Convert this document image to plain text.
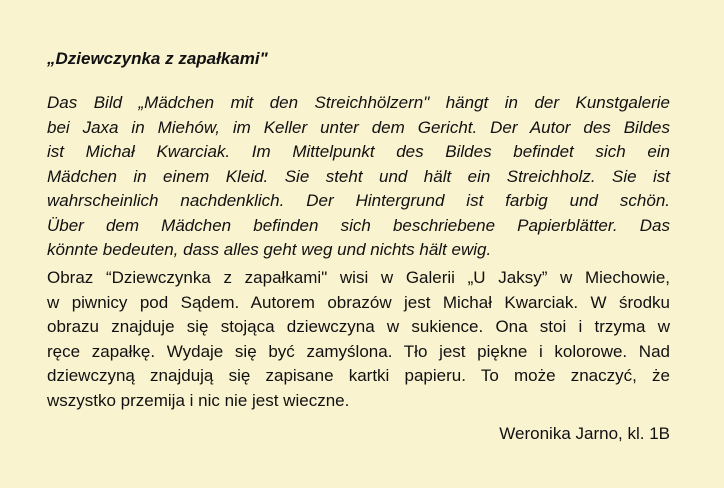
„Dziewczynka z zapałkami"

Das Bild „Mädchen mit den Streichhölzern" hängt in der Kunstgalerie
bei Jaxa in Miehów, im Keller unter dem Gericht. Der Autor des Bildes
ist Michał Kwarciak. Im Mittelpunkt des Bildes befindet sich ein
Mädchen in einem Kleid. Sie steht und hält ein Streichholz. Sie ist
wahrscheinlich nachdenklich. Der Hintergrund ist farbig und schön.
Über dem Mädchen befinden sich beschriebene Papierblätter. Das
könnte bedeuten, dass alles geht weg und nichts hält ewig.

Obraz “Dziewczynka z zapałkami" wisi w Galerii „U Jaksy” w Miechowie,
w piwnicy pod Sądem. Autorem obrazów jest Michał Kwarciak. W środku
obrazu znajduje się stojąca dziewczyna w sukience. Ona stoi i trzyma w
ręce zapałkę. Wydaje się być zamyślona. Tło jest piękne i kolorowe. Nad
dziewczyną znajdują się zapisane kartki papieru. To może znaczyć, że
wszystko przemija i nic nie jest wieczne.

Weronika Jarno, kl. 1B
